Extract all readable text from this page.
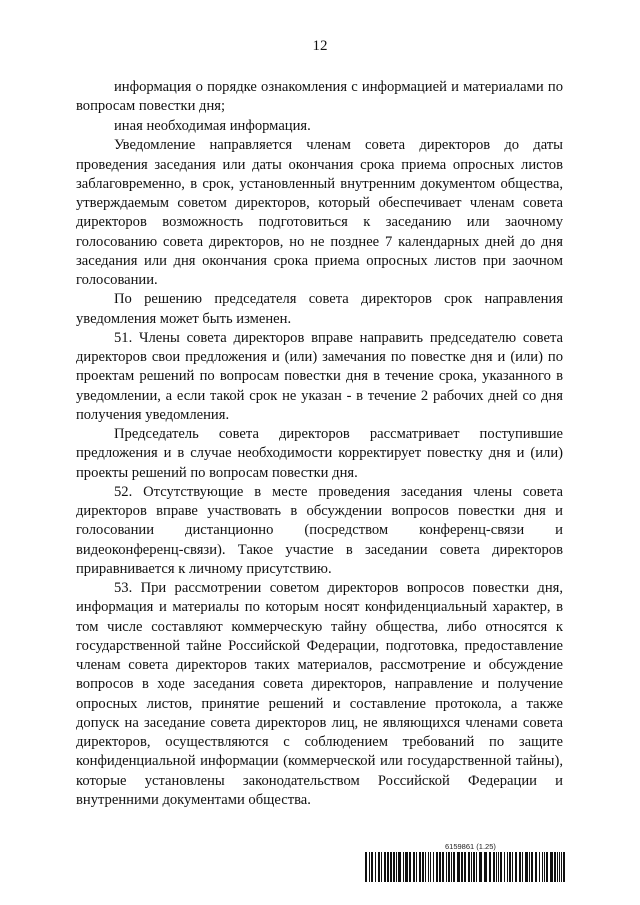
12

информация о порядке ознакомления с информацией и материалами по вопросам повестки дня;

иная необходимая информация.

Уведомление направляется членам совета директоров до даты проведения заседания или даты окончания срока приема опросных листов заблаговременно, в срок, установленный внутренним документом общества, утверждаемым советом директоров, который обеспечивает членам совета директоров возможность подготовиться к заседанию или заочному голосованию совета директоров, но не позднее 7 календарных дней до дня заседания или дня окончания срока приема опросных листов при заочном голосовании.

По решению председателя совета директоров срок направления уведомления может быть изменен.

51. Члены совета директоров вправе направить председателю совета директоров свои предложения и (или) замечания по повестке дня и (или) по проектам решений по вопросам повестки дня в течение срока, указанного в уведомлении, а если такой срок не указан - в течение 2 рабочих дней со дня получения уведомления.

Председатель совета директоров рассматривает поступившие предложения и в случае необходимости корректирует повестку дня и (или) проекты решений по вопросам повестки дня.

52. Отсутствующие в месте проведения заседания члены совета директоров вправе участвовать в обсуждении вопросов повестки дня и голосовании дистанционно (посредством конференц-связи и видеоконференц-связи). Такое участие в заседании совета директоров приравнивается к личному присутствию.

53. При рассмотрении советом директоров вопросов повестки дня, информация и материалы по которым носят конфиденциальный характер, в том числе составляют коммерческую тайну общества, либо относятся к государственной тайне Российской Федерации, подготовка, предоставление членам совета директоров таких материалов, рассмотрение и обсуждение вопросов в ходе заседания совета директоров, направление и получение опросных листов, принятие решений и составление протокола, а также допуск на заседание совета директоров лиц, не являющихся членами совета директоров, осуществляются с соблюдением требований по защите конфиденциальной информации (коммерческой или государственной тайны), которые установлены законодательством Российской Федерации и внутренними документами общества.

6159861 (1.25)
